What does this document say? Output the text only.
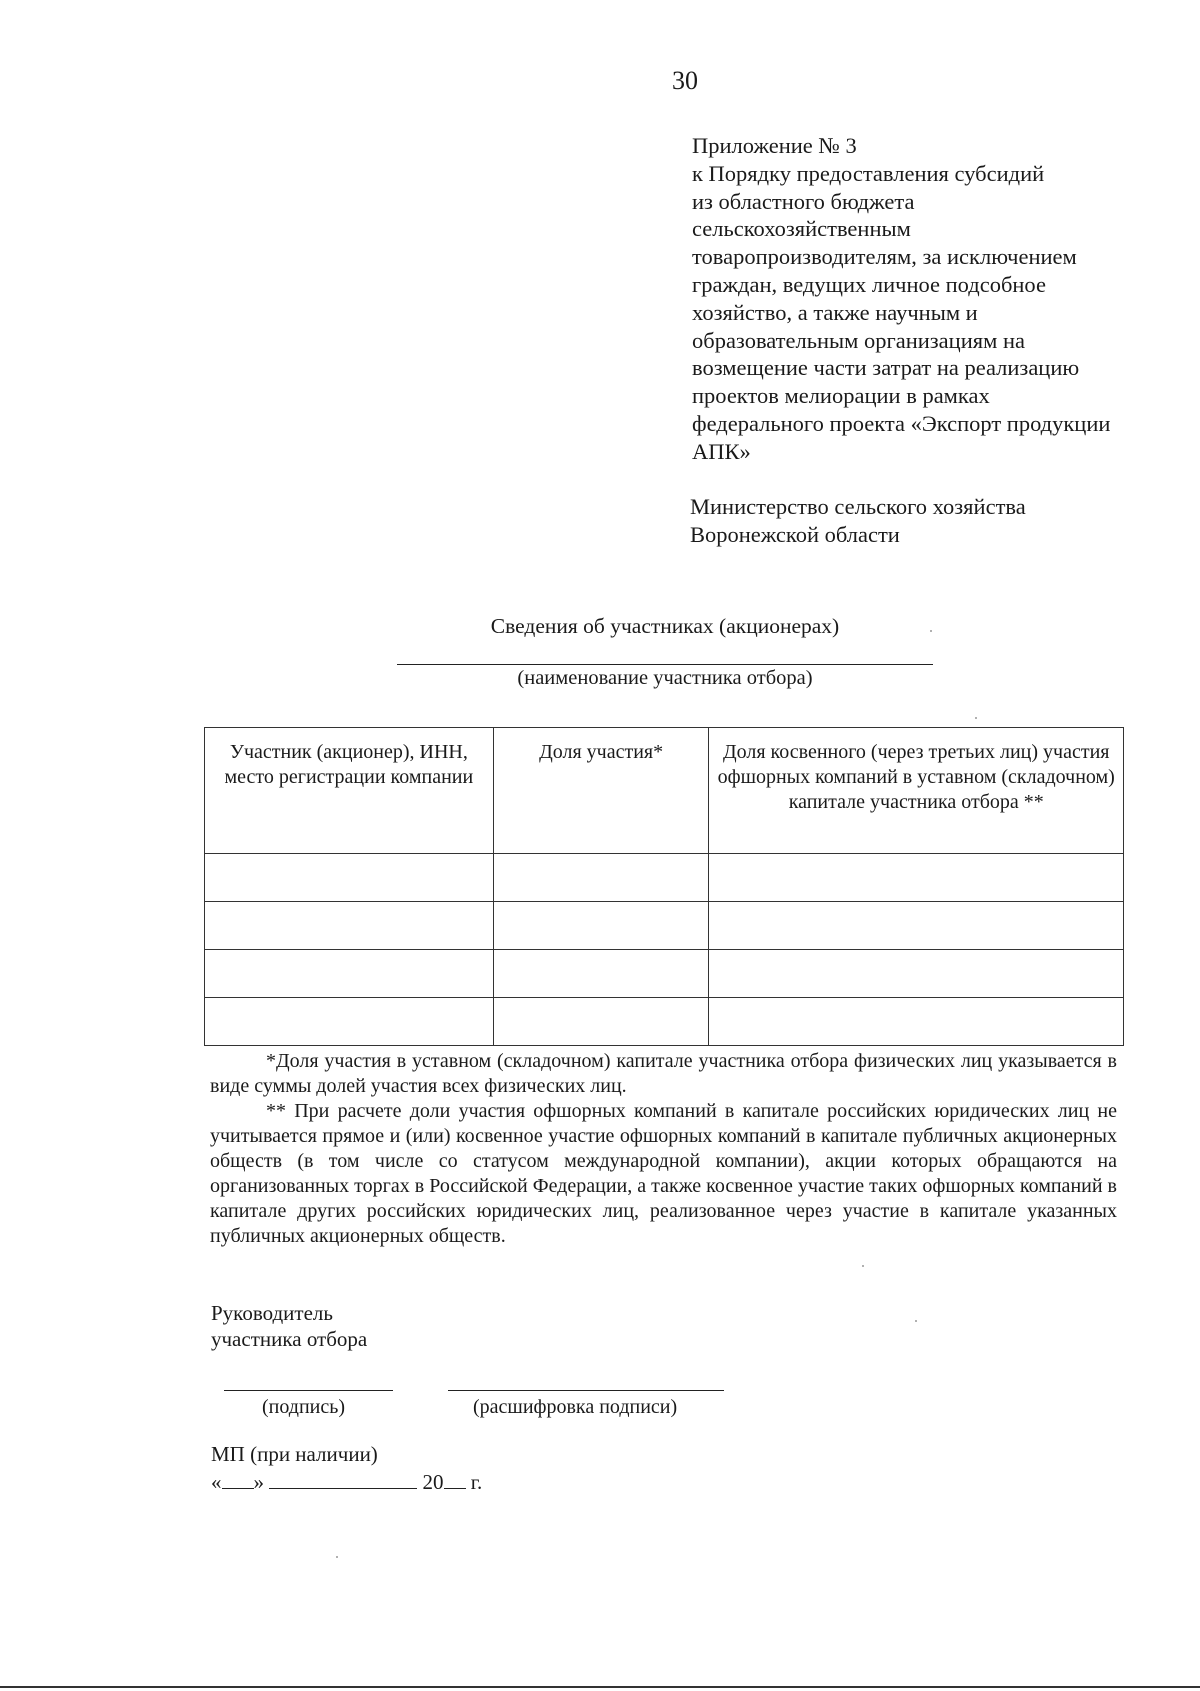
30
Приложение № 3
к Порядку предоставления субсидий
из областного бюджета
сельскохозяйственным
товаропроизводителям, за исключением
граждан, ведущих личное подсобное
хозяйство, а также научным и
образовательным организациям на
возмещение части затрат на реализацию
проектов мелиорации в рамках
федерального проекта «Экспорт продукции
АПК»
Министерство сельского хозяйства
Воронежской области
Сведения об участниках (акционерах)
(наименование участника отбора)
Участник (акционер), ИНН, место регистрации компании	Доля участия*	Доля косвенного (через третьих лиц) участия офшорных компаний в уставном (складочном) капитале участника отбора **

*Доля участия в уставном (складочном) капитале участника отбора физических лиц указывается в виде суммы долей участия всех физических лиц.

** При расчете доли участия офшорных компаний в капитале российских юридических лиц не учитывается прямое и (или) косвенное участие офшорных компаний в капитале публичных акционерных обществ (в том числе со статусом международной компании), акции которых обращаются на организованных торгах в Российской Федерации, а также косвенное участие таких офшорных компаний в капитале других российских юридических лиц, реализованное через участие в капитале указанных публичных акционерных обществ.

Руководитель
участника отбора
(подпись)	(расшифровка подписи)
МП (при наличии)
« »	20 г.
